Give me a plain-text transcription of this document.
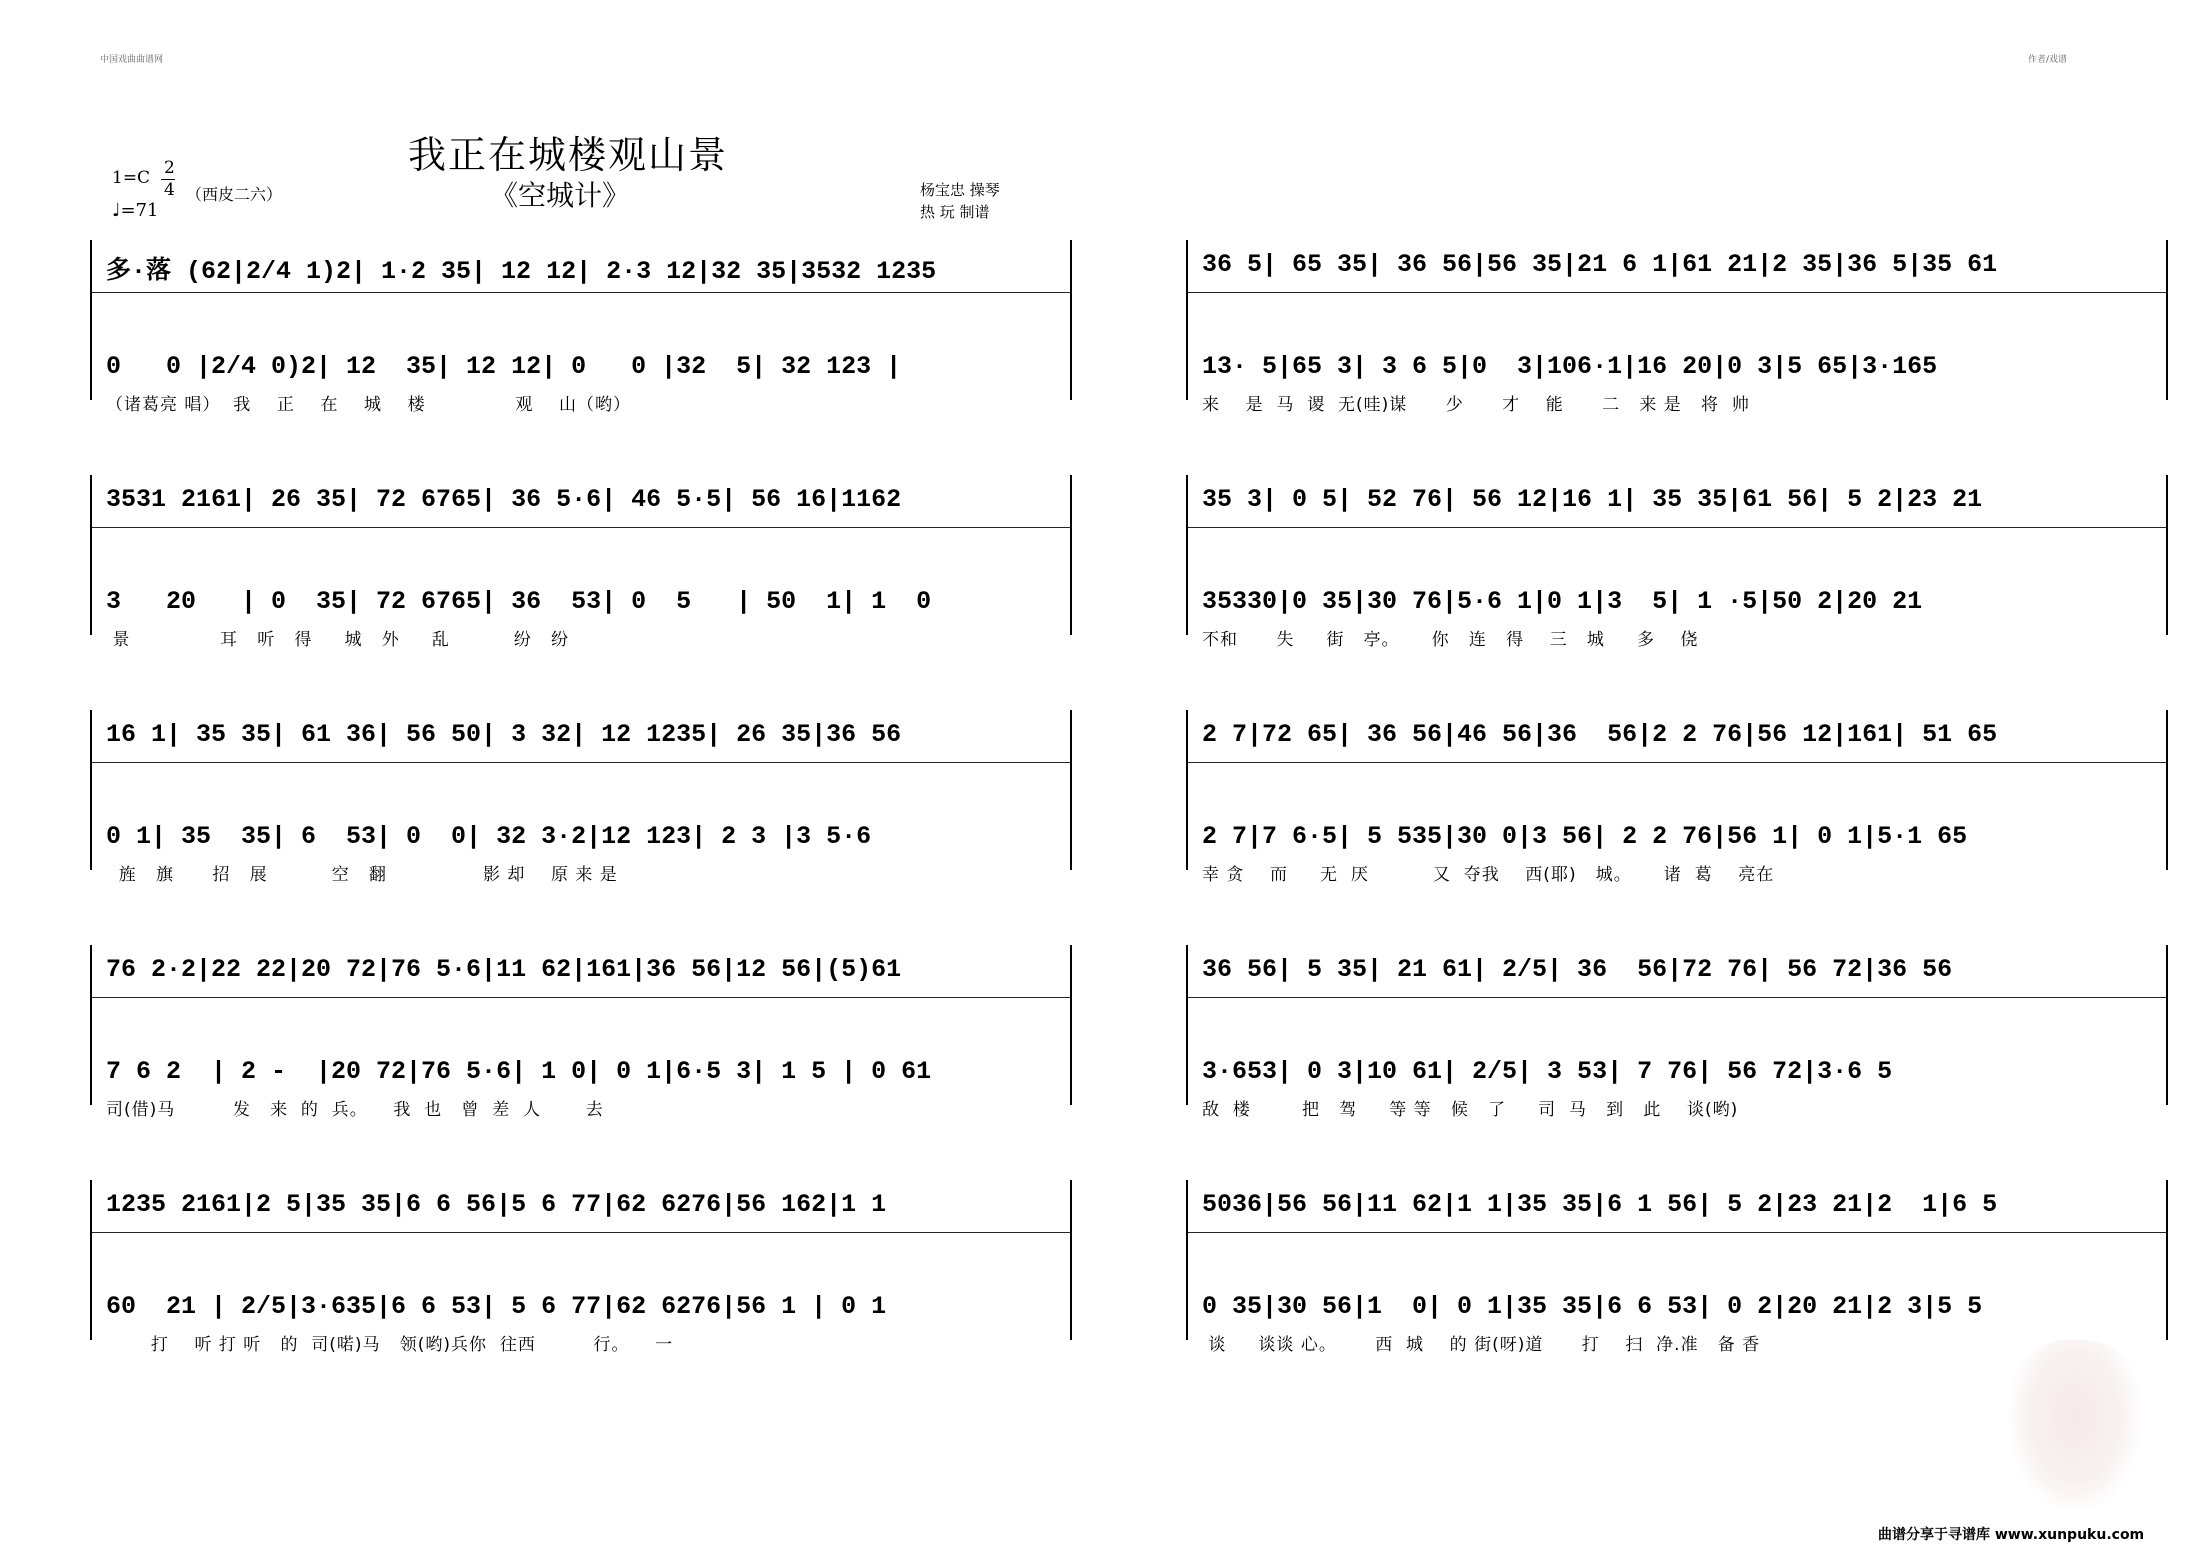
中国戏曲曲谱网	作者/戏谱
我正在城楼观山景
《空城计》
1=C 2
4 （西皮二六）
♩=71
杨宝忠 操琴
热 玩 制谱
多·落 (62|2/4 1)2| 1·2 35| 12 12| 2·3 12|32 35|3532 1235
0   0 |2/4 0)2| 12  35| 12 12| 0   0 |32  5| 32 123 |
（诸葛亮 唱）  我    正    在    城    楼              观    山（哟）
3531 2161| 26 35| 72 6765| 36 5·6| 46 5·5| 56 16|1162
3   20   | 0  35| 72 6765| 36  53| 0  5   | 50  1| 1  0
景              耳   听   得     城   外     乱          纷   纷
16 1| 35 35| 61 36| 56 50| 3 32| 12 1235| 26 35|36 56
0 1| 35  35| 6  53| 0  0| 32 3·2|12 123| 2 3 |3 5·6
旌   旗      招   展          空   翻               影 却    原 来 是
76 2·2|22 22|20 72|76 5·6|11 62|161|36 56|12 56|(5)61
7 6 2  | 2 -  |20 72|76 5·6| 1 0| 0 1|6·5 3| 1 5 | 0 61
司(借)马         发   来  的  兵。    我  也   曾  差  人       去
1235 2161|2 5|35 35|6 6 56|5 6 77|62 6276|56 162|1 1
60  21 | 2/5|3·635|6 6 53| 5 6 77|62 6276|56 1 | 0 1
打    听 打 听   的  司(喏)马   领(哟)兵你  往西         行。    一
36 5| 65 35| 36 56|56 35|21 6 1|61 21|2 35|36 5|35 61
13· 5|65 3| 3 6 5|0  3|106·1|16 20|0 3|5 65|3·165
来    是  马  谡  无(哇)谋      少      才    能      二   来 是   将  帅
35 3| 0 5| 52 76| 56 12|16 1| 35 35|61 56| 5 2|23 21
35330|0 35|30 76|5·6 1|0 1|3  5| 1 ·5|50 2|20 21
不和      失     街   亭。     你   连   得    三   城     多    侥
2 7|72 65| 36 56|46 56|36  56|2 2 76|56 12|161| 51 65
2 7|7 6·5| 5 535|30 0|3 56| 2 2 76|56 1| 0 1|5·1 65
幸 贪    而     无  厌          又  夺我    西(耶)   城。     诸  葛    亮在
36 56| 5 35| 21 61| 2/5| 36  56|72 76| 56 72|36 56
3·653| 0 3|10 61| 2/5| 3 53| 7 76| 56 72|3·6 5
敌  楼        把   驾     等 等   候   了     司  马   到   此    谈(哟)
5036|56 56|11 62|1 1|35 35|6 1 56| 5 2|23 21|2  1|6 5
0 35|30 56|1  0| 0 1|35 35|6 6 53| 0 2|20 21|2 3|5 5
谈     谈谈 心。      西  城    的 街(呀)道      打    扫  净.准   备 香
曲谱分享于寻谱库 www.xunpuku.com
